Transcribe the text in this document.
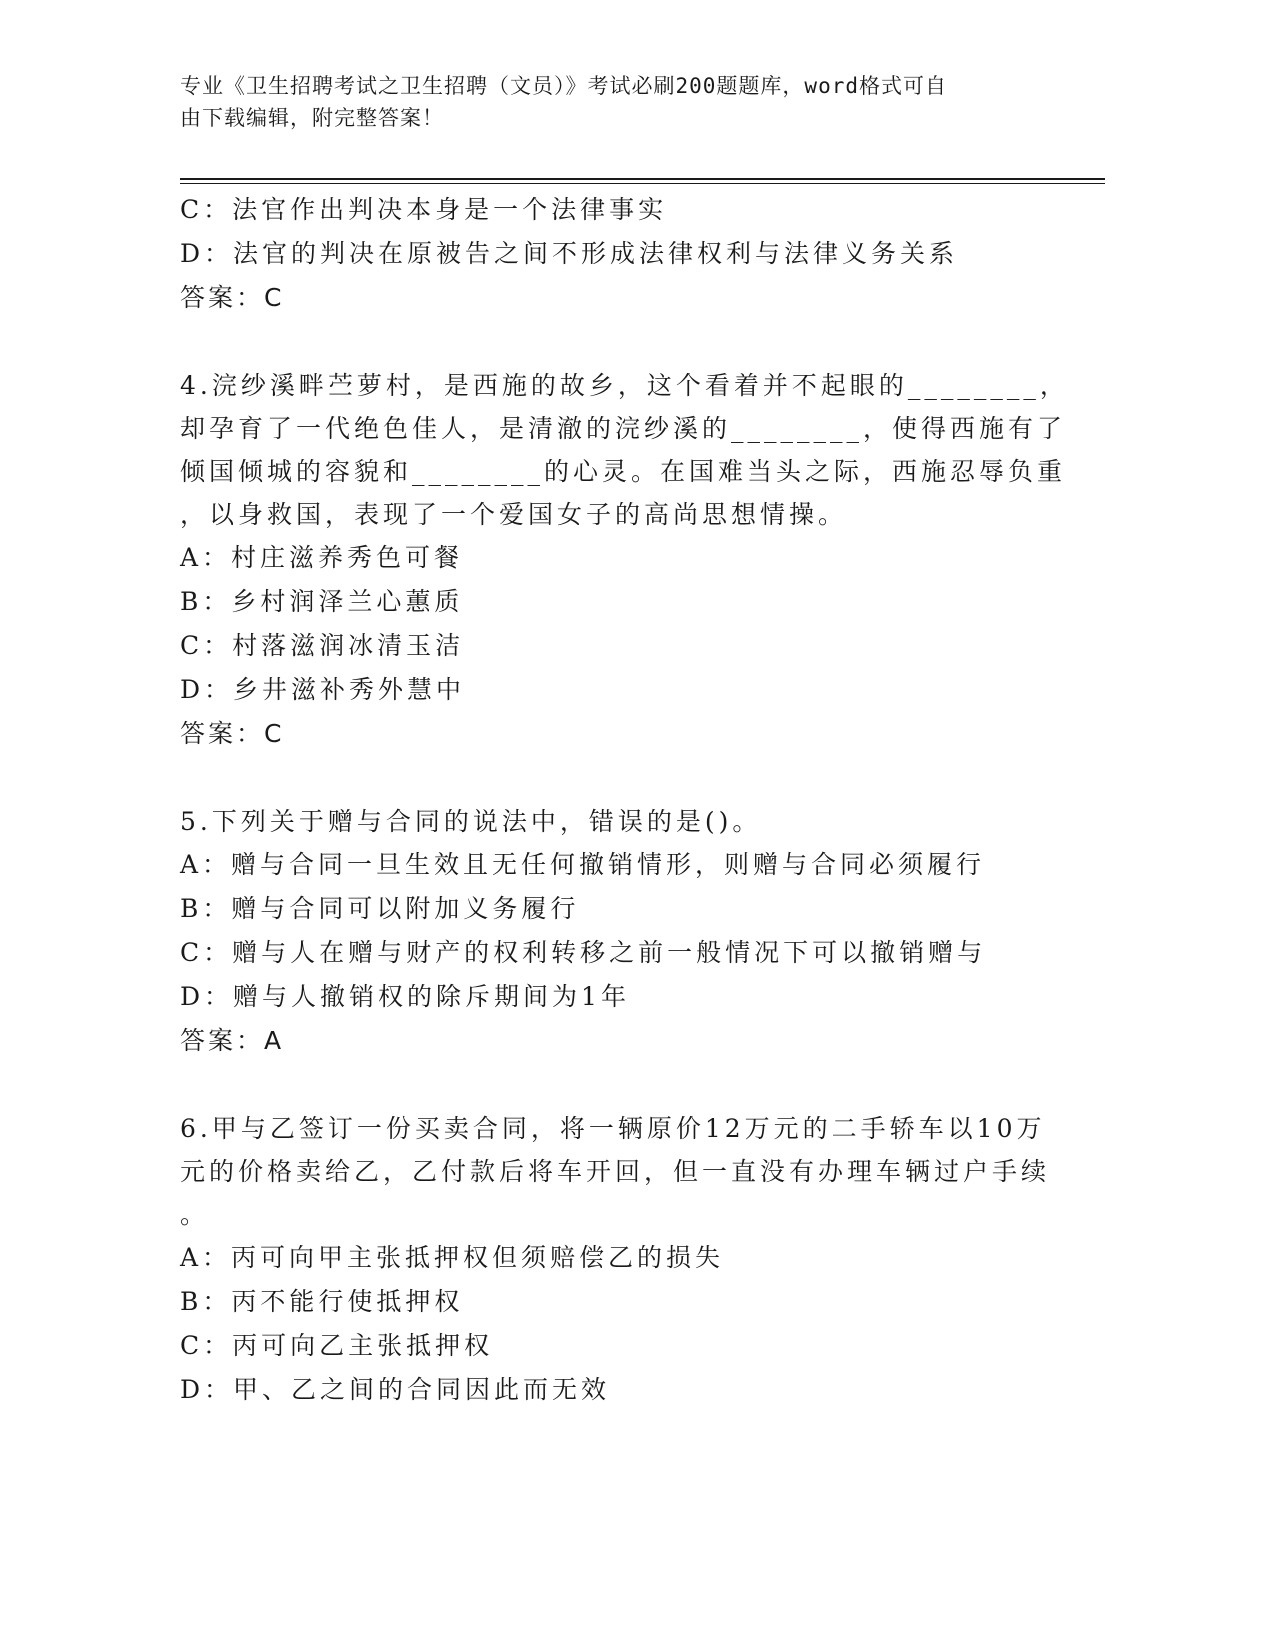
专业《卫生招聘考试之卫生招聘（文员）》考试必刷200题题库，word格式可自
由下载编辑，附完整答案！
C：法官作出判决本身是一个法律事实
D：法官的判决在原被告之间不形成法律权利与法律义务关系
答案：C
4.浣纱溪畔苎萝村，是西施的故乡，这个看着并不起眼的________，
却孕育了一代绝色佳人，是清澈的浣纱溪的________，使得西施有了
倾国倾城的容貌和________的心灵。在国难当头之际，西施忍辱负重
，以身救国，表现了一个爱国女子的高尚思想情操。
A：村庄滋养秀色可餐
B：乡村润泽兰心蕙质
C：村落滋润冰清玉洁
D：乡井滋补秀外慧中
答案：C
5.下列关于赠与合同的说法中，错误的是()。
A：赠与合同一旦生效且无任何撤销情形，则赠与合同必须履行
B：赠与合同可以附加义务履行
C：赠与人在赠与财产的权利转移之前一般情况下可以撤销赠与
D：赠与人撤销权的除斥期间为1年
答案：A
6.甲与乙签订一份买卖合同，将一辆原价12万元的二手轿车以10万
元的价格卖给乙，乙付款后将车开回，但一直没有办理车辆过户手续
。
A：丙可向甲主张抵押权但须赔偿乙的损失
B：丙不能行使抵押权
C：丙可向乙主张抵押权
D：甲、乙之间的合同因此而无效
